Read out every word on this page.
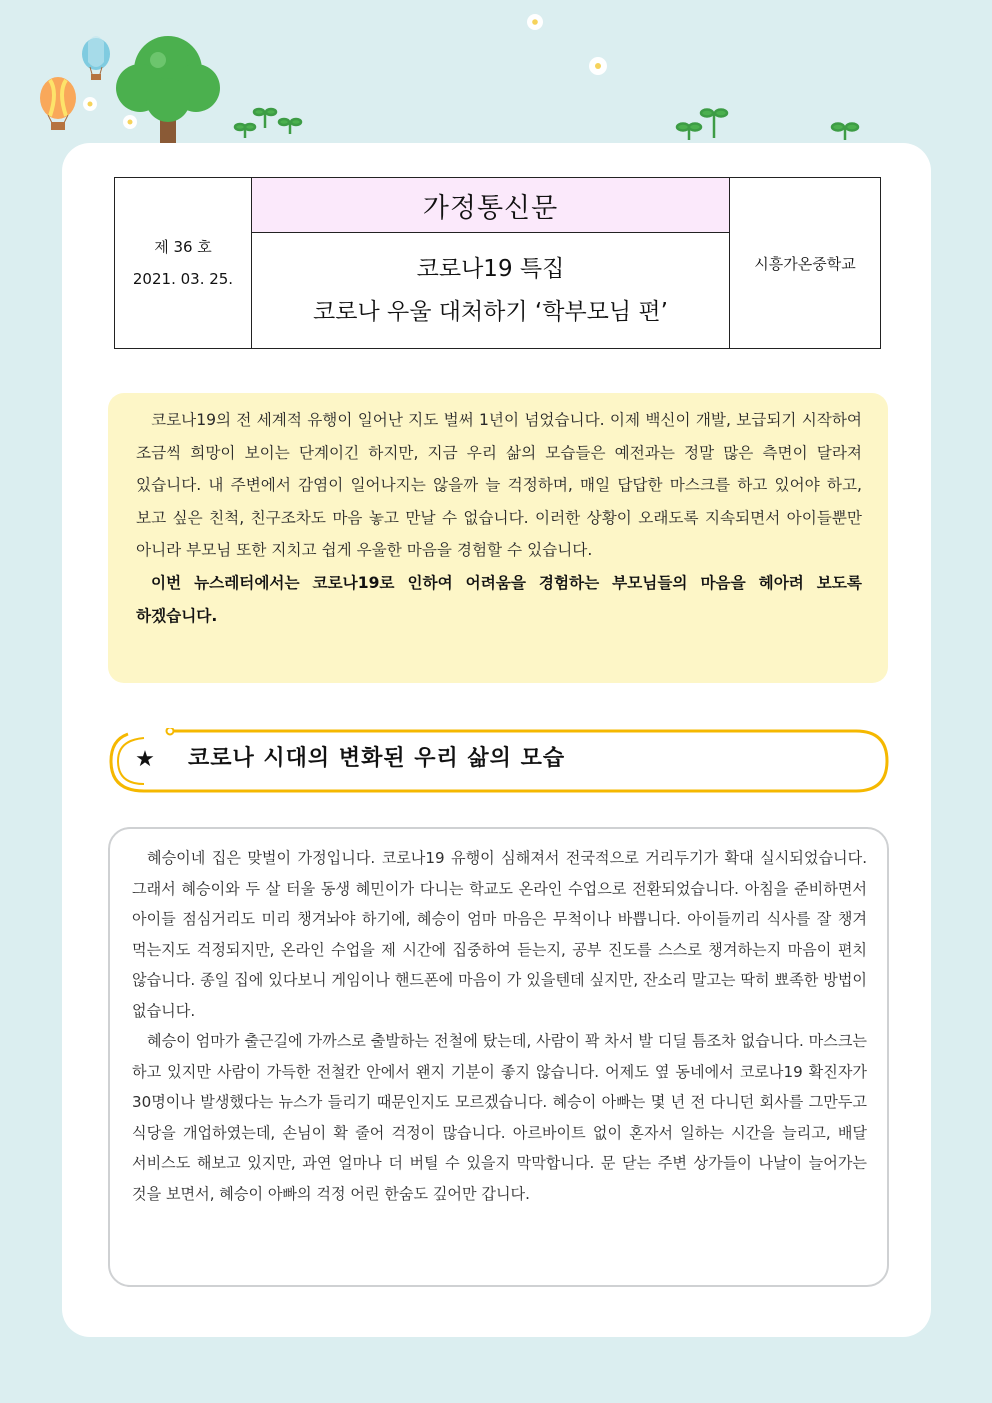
제 36 호
2021. 03. 25.
	가정통신문	시흥가온중학교

코로나19 특집
코로나 우울 대처하기 ‘학부모님 편’

코로나19의 전 세계적 유행이 일어난 지도 벌써 1년이 넘었습니다. 이제 백신이 개발, 보급되기 시작하여 조금씩 희망이 보이는 단계이긴 하지만, 지금 우리 삶의 모습들은 예전과는 정말 많은 측면이 달라져 있습니다. 내 주변에서 감염이 일어나지는 않을까 늘 걱정하며, 매일 답답한 마스크를 하고 있어야 하고, 보고 싶은 친척, 친구조차도 마음 놓고 만날 수 없습니다. 이러한 상황이 오래도록 지속되면서 아이들뿐만 아니라 부모님 또한 지치고 쉽게 우울한 마음을 경험할 수 있습니다.

이번 뉴스레터에서는 코로나19로 인하여 어려움을 경험하는 부모님들의 마음을 헤아려 보도록 하겠습니다.

★	코로나 시대의 변화된 우리 삶의 모습

혜승이네 집은 맞벌이 가정입니다. 코로나19 유행이 심해져서 전국적으로 거리두기가 확대 실시되었습니다. 그래서 혜승이와 두 살 터울 동생 혜민이가 다니는 학교도 온라인 수업으로 전환되었습니다. 아침을 준비하면서 아이들 점심거리도 미리 챙겨놔야 하기에, 혜승이 엄마 마음은 무척이나 바쁩니다. 아이들끼리 식사를 잘 챙겨 먹는지도 걱정되지만, 온라인 수업을 제 시간에 집중하여 듣는지, 공부 진도를 스스로 챙겨하는지 마음이 편치 않습니다. 종일 집에 있다보니 게임이나 핸드폰에 마음이 가 있을텐데 싶지만, 잔소리 말고는 딱히 뾰족한 방법이 없습니다.

혜승이 엄마가 출근길에 가까스로 출발하는 전철에 탔는데, 사람이 꽉 차서 발 디딜 틈조차 없습니다. 마스크는 하고 있지만 사람이 가득한 전철칸 안에서 왠지 기분이 좋지 않습니다. 어제도 옆 동네에서 코로나19 확진자가 30명이나 발생했다는 뉴스가 들리기 때문인지도 모르겠습니다. 혜승이 아빠는 몇 년 전 다니던 회사를 그만두고 식당을 개업하였는데, 손님이 확 줄어 걱정이 많습니다. 아르바이트 없이 혼자서 일하는 시간을 늘리고, 배달 서비스도 해보고 있지만, 과연 얼마나 더 버틸 수 있을지 막막합니다. 문 닫는 주변 상가들이 나날이 늘어가는 것을 보면서, 혜승이 아빠의 걱정 어린 한숨도 깊어만 갑니다.
